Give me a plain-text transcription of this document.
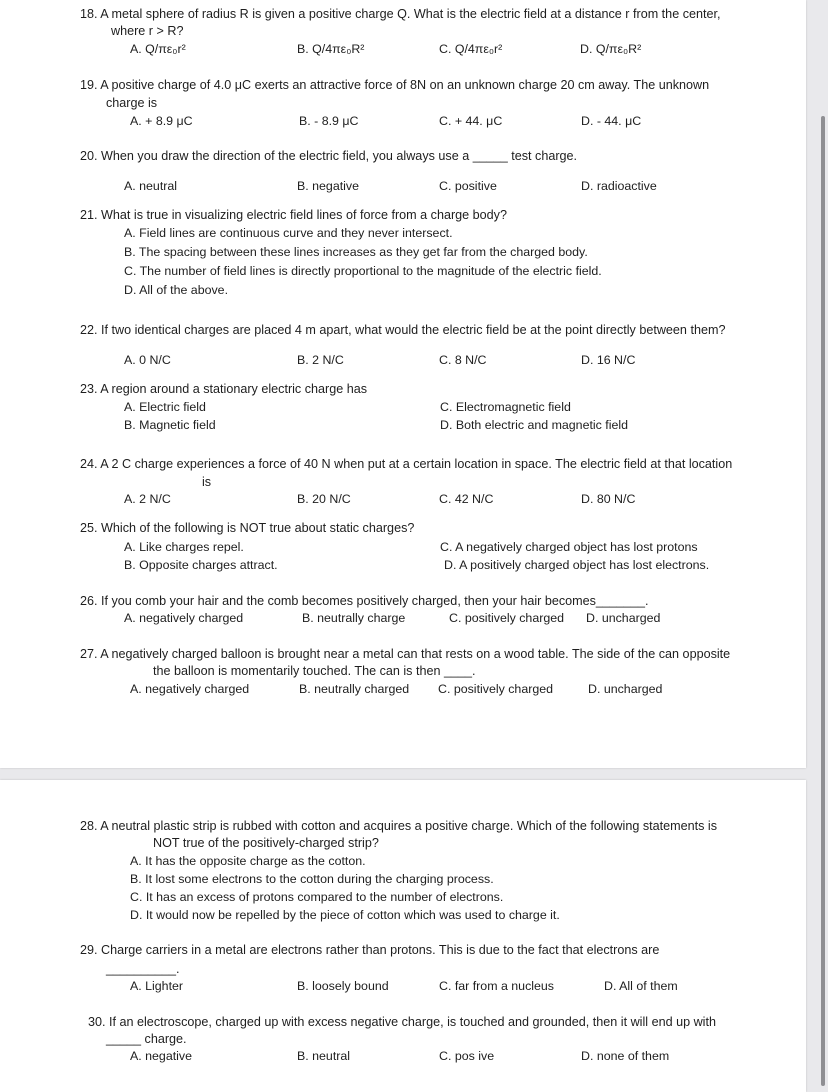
18. A metal sphere of radius R is given a positive charge Q. What is the electric field at a distance r from the center,
where r > R?
A. Q/πε₀r²	B. Q/4πε₀R²	C. Q/4πε₀r²	D. Q/πε₀R²
19. A positive charge of 4.0 μC exerts an attractive force of 8N on an unknown charge 20 cm away. The unknown
charge is
A. + 8.9 μC	B. - 8.9 μC	C. + 44. μC	D. - 44. μC
20. When you draw the direction of the electric field, you always use a _____ test charge.
A. neutral	B. negative	C. positive	D. radioactive
21. What is true in visualizing electric field lines of force from a charge body?
A. Field lines are continuous curve and they never intersect.
B. The spacing between these lines increases as they get far from the charged body.
C. The number of field lines is directly proportional to the magnitude of the electric field.
D. All of the above.
22. If two identical charges are placed 4 m apart, what would the electric field be at the point directly between them?
A. 0 N/C	B. 2 N/C	C. 8 N/C	D. 16 N/C
23. A region around a stationary electric charge has
A. Electric field
B. Magnetic field
C. Electromagnetic field
D. Both electric and magnetic field
24. A 2 C charge experiences a force of 40 N when put at a certain location in space. The electric field at that location
is
A. 2 N/C	B. 20 N/C	C. 42 N/C	D. 80 N/C
25. Which of the following is NOT true about static charges?
A. Like charges repel.
B. Opposite charges attract.
C. A negatively charged object has lost protons
D. A positively charged object has lost electrons.
26. If you comb your hair and the comb becomes positively charged, then your hair becomes_______.
A. negatively charged	B. neutrally charge	C. positively charged D. uncharged
27. A negatively charged balloon is brought near a metal can that rests on a wood table. The side of the can opposite
the balloon is momentarily touched. The can is then ____.
A. negatively charged	B. neutrally charged C. positively charged	D. uncharged
28. A neutral plastic strip is rubbed with cotton and acquires a positive charge. Which of the following statements is
NOT true of the positively-charged strip?
A. It has the opposite charge as the cotton.
B. It lost some electrons to the cotton during the charging process.
C. It has an excess of protons compared to the number of electrons.
D. It would now be repelled by the piece of cotton which was used to charge it.
29. Charge carriers in a metal are electrons rather than protons. This is due to the fact that electrons are
__________.
A. Lighter	B. loosely bound	C. far from a nucleus	D. All of them
30. If an electroscope, charged up with excess negative charge, is touched and grounded, then it will end up with
_____ charge.
A. negative	B. neutral	C. pos ive	D. none of them
